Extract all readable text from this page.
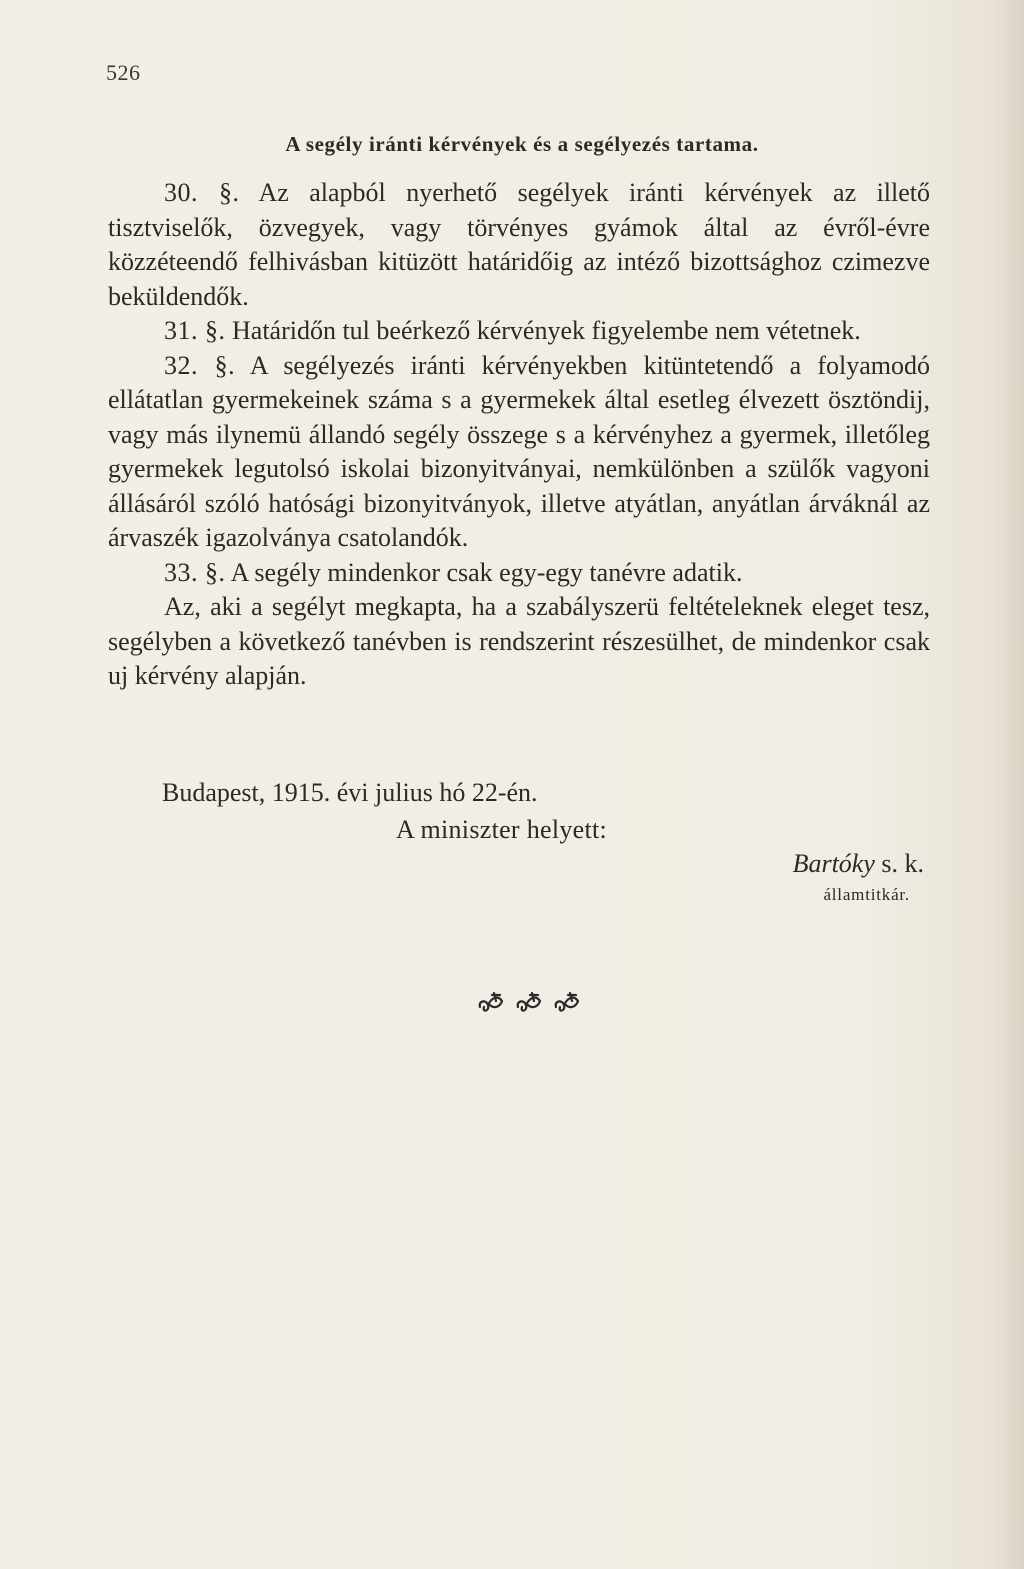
526
A segély iránti kérvények és a segélyezés tartama.

30. §. Az alapból nyerhető segélyek iránti kérvények az illető tisztviselők, özvegyek, vagy törvényes gyámok által az évről-évre közzéteendő felhivásban kitüzött határidőig az intéző bizottsághoz czimezve beküldendők.

31. §. Határidőn tul beérkező kérvények figyelembe nem vétetnek.

32. §. A segélyezés iránti kérvényekben kitüntetendő a folyamodó ellátatlan gyermekeinek száma s a gyermekek által esetleg élvezett ösztöndij, vagy más ilynemü állandó segély összege s a kérvényhez a gyermek, illetőleg gyermekek legutolsó iskolai bizonyitványai, nemkülönben a szülők vagyoni állásáról szóló hatósági bizonyitványok, illetve atyátlan, anyátlan árváknál az árvaszék igazolványa csatolandók.

33. §. A segély mindenkor csak egy-egy tanévre adatik.

Az, aki a segélyt megkapta, ha a szabályszerü feltételeknek eleget tesz, segélyben a következő tanévben is rendszerint részesülhet, de mindenkor csak uj kérvény alapján.

Budapest, 1915. évi julius hó 22-én.
A miniszter helyett:
Bartóky s. k.
államtitkár.
